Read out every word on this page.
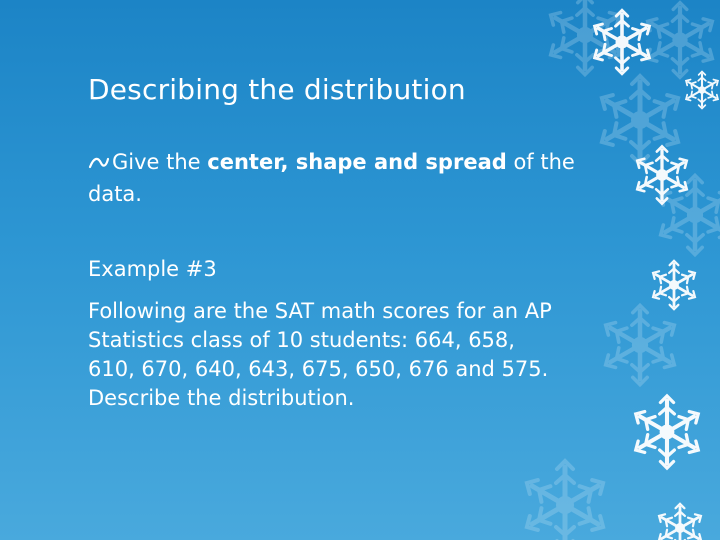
Describing the distribution
Give the center, shape and spread of the data.
Example #3
Following are the SAT math scores for an AP
Statistics class of 10 students: 664, 658,
610, 670, 640, 643, 675, 650, 676 and 575.
Describe the distribution.
